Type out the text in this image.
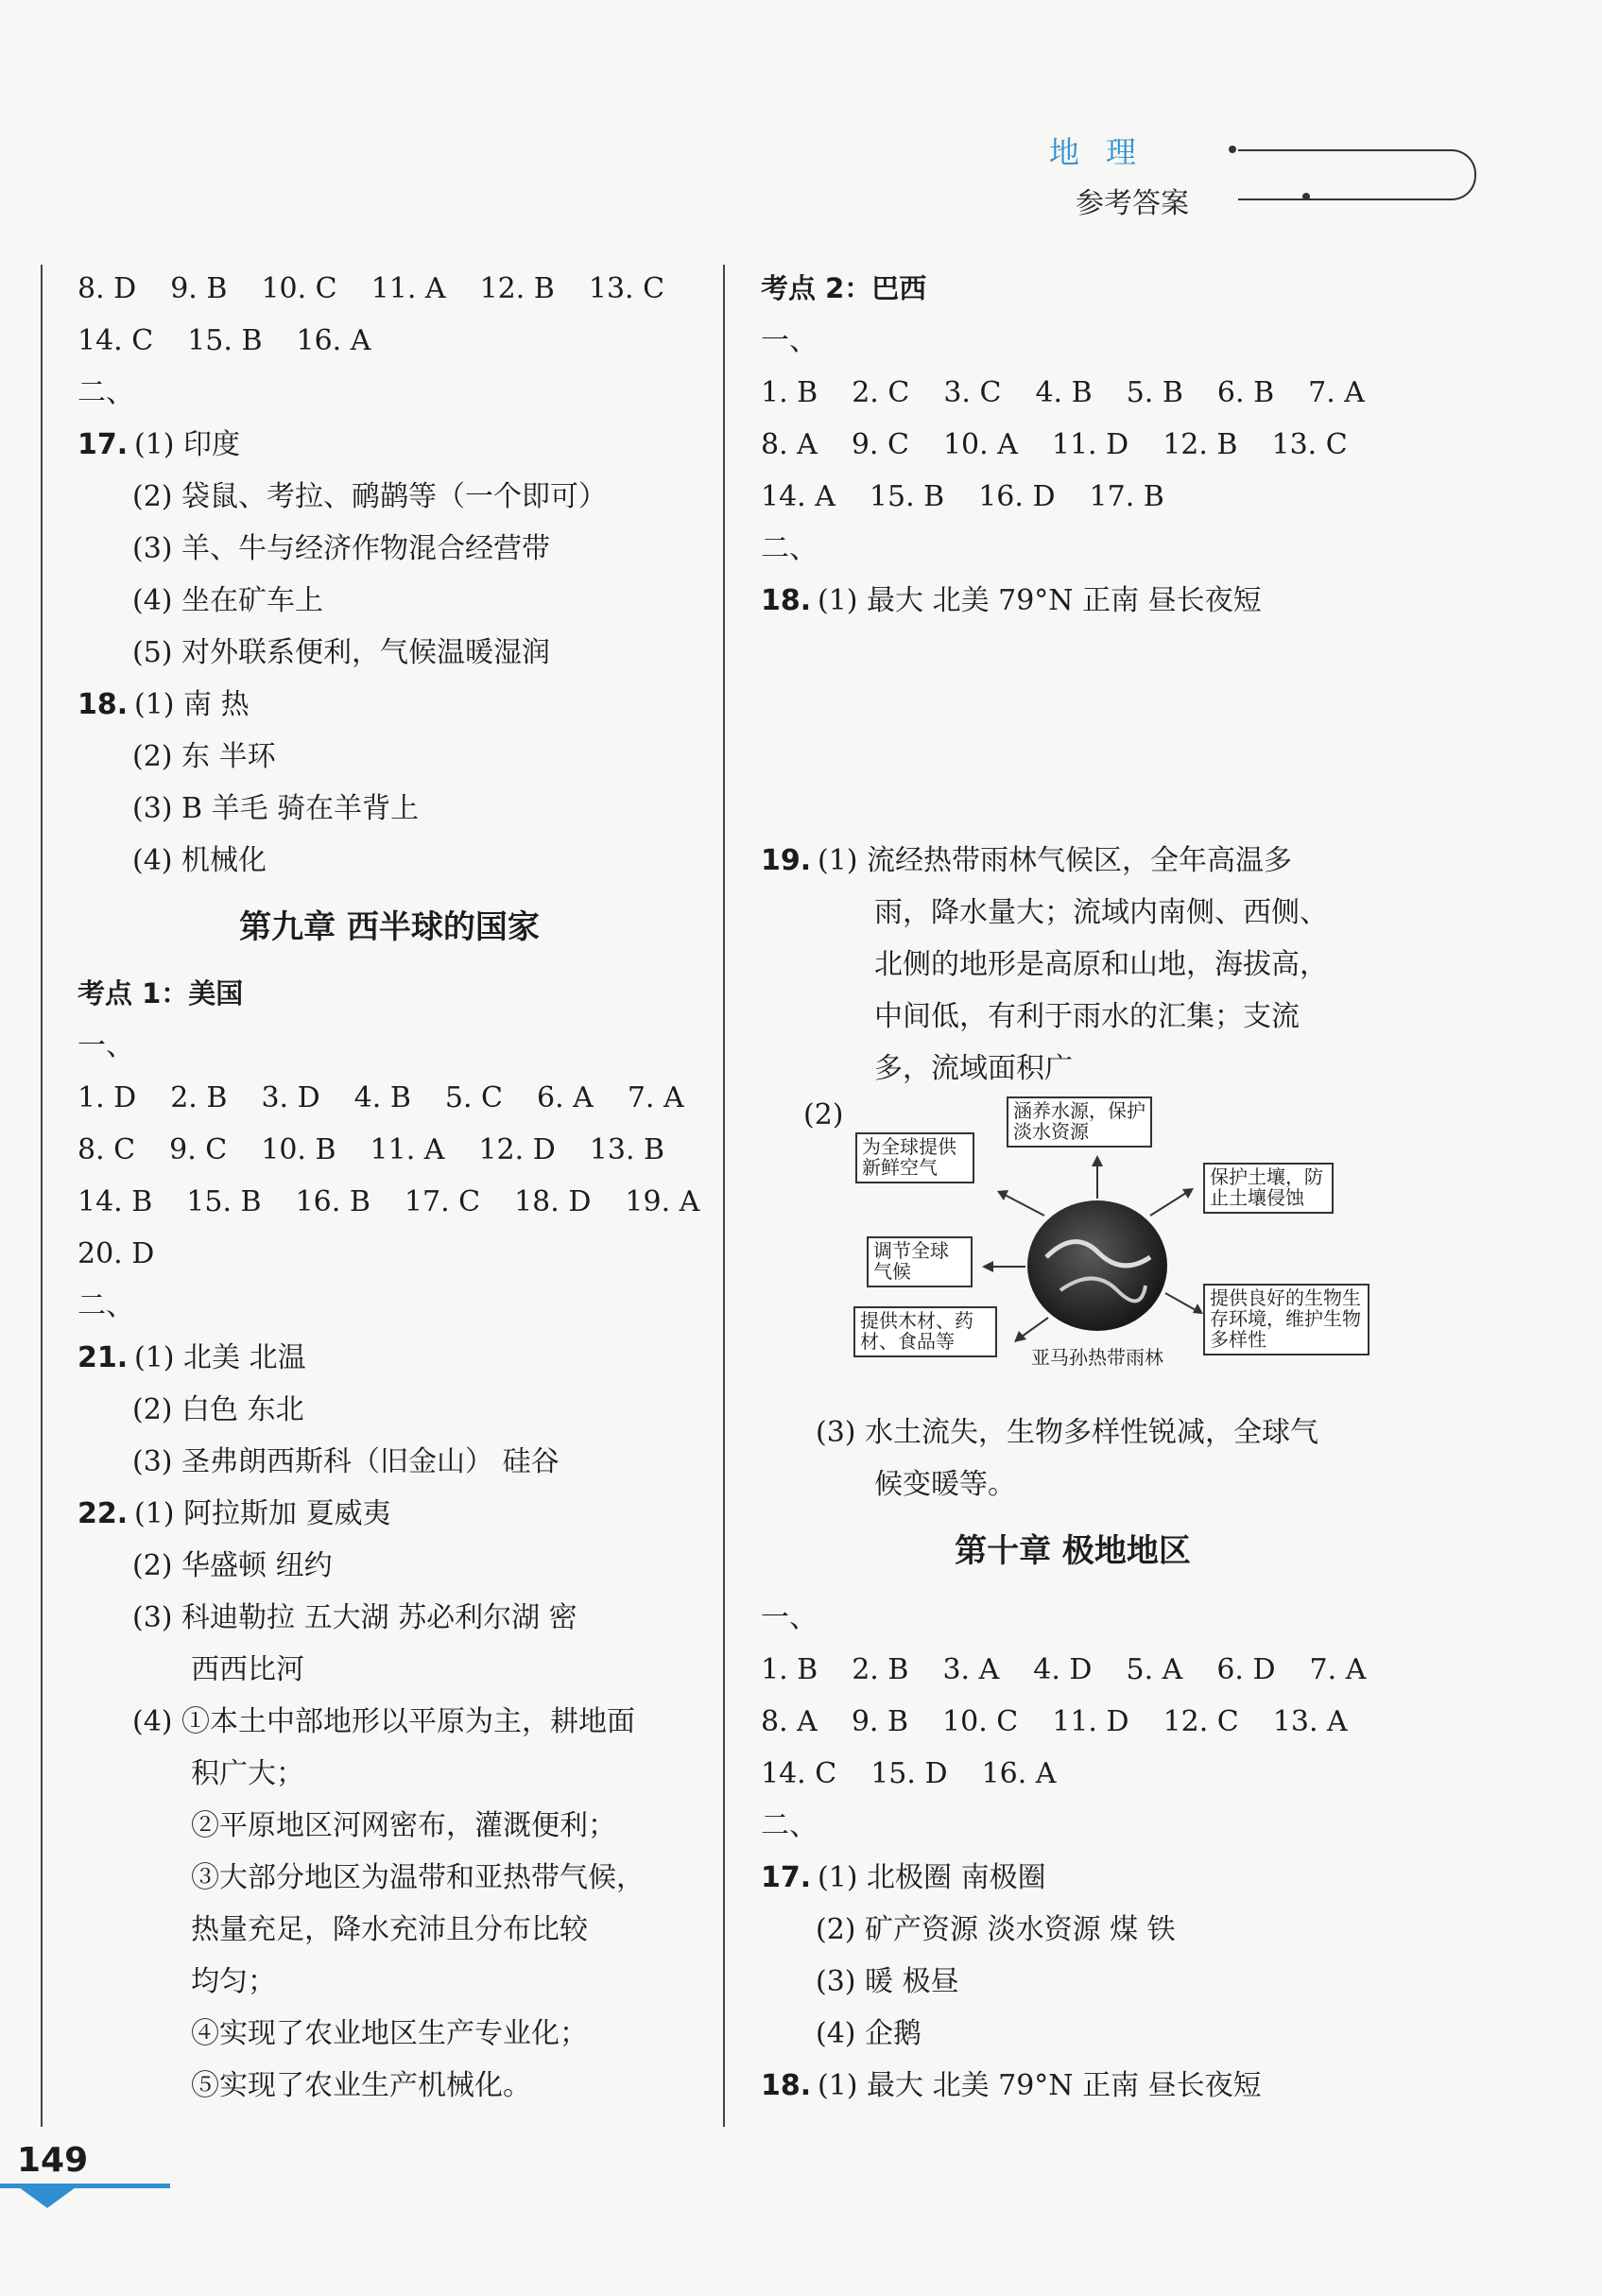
地理
参考答案
8. D 9. B 10. C 11. A 12. B 13. C
14. C 15. B 16. A
二、
17. (1) 印度
(2) 袋鼠、考拉、鸸鹋等（一个即可）
(3) 羊、牛与经济作物混合经营带
(4) 坐在矿车上
(5) 对外联系便利，气候温暖湿润
18. (1) 南 热
(2) 东 半环
(3) B 羊毛 骑在羊背上
(4) 机械化
第九章 西半球的国家
考点 1：美国
一、
1. D 2. B 3. D 4. B 5. C 6. A 7. A
8. C 9. C 10. B 11. A 12. D 13. B
14. B 15. B 16. B 17. C 18. D 19. A
20. D
二、
21. (1) 北美 北温
(2) 白色 东北
(3) 圣弗朗西斯科（旧金山） 硅谷
22. (1) 阿拉斯加 夏威夷
(2) 华盛顿 纽约
(3) 科迪勒拉 五大湖 苏必利尔湖 密
西西比河
(4) ①本土中部地形以平原为主，耕地面
积广大；
②平原地区河网密布，灌溉便利；
③大部分地区为温带和亚热带气候，
热量充足，降水充沛且分布比较
均匀；
④实现了农业地区生产专业化；
⑤实现了农业生产机械化。
考点 2：巴西
一、
1. B 2. C 3. C 4. B 5. B 6. B 7. A
8. A 9. C 10. A 11. D 12. B 13. C
14. A 15. B 16. D 17. B
二、
18. (1) 最大 北美 79°N 正南 昼长夜短
19. (1) 流经热带雨林气候区，全年高温多
雨，降水量大；流域内南侧、西侧、
北侧的地形是高原和山地，海拔高，
中间低，有利于雨水的汇集；支流
多，流域面积广
(2)	涵养水源，保护淡水资源
为全球提供新鲜空气	保护土壤，防止土壤侵蚀
调节全球气候
提供木材、药材、食品等
提供良好的生物生存环境，维护生物多样性
亚马孙热带雨林
(3) 水土流失，生物多样性锐减，全球气
候变暖等。
第十章 极地地区
一、
1. B 2. B 3. A 4. D 5. A 6. D 7. A
8. A 9. B 10. C 11. D 12. C 13. A
14. C 15. D 16. A
二、
17. (1) 北极圈 南极圈
(2) 矿产资源 淡水资源 煤 铁
(3) 暖 极昼
(4) 企鹅
18. (1) 最大 北美 79°N 正南 昼长夜短
149
